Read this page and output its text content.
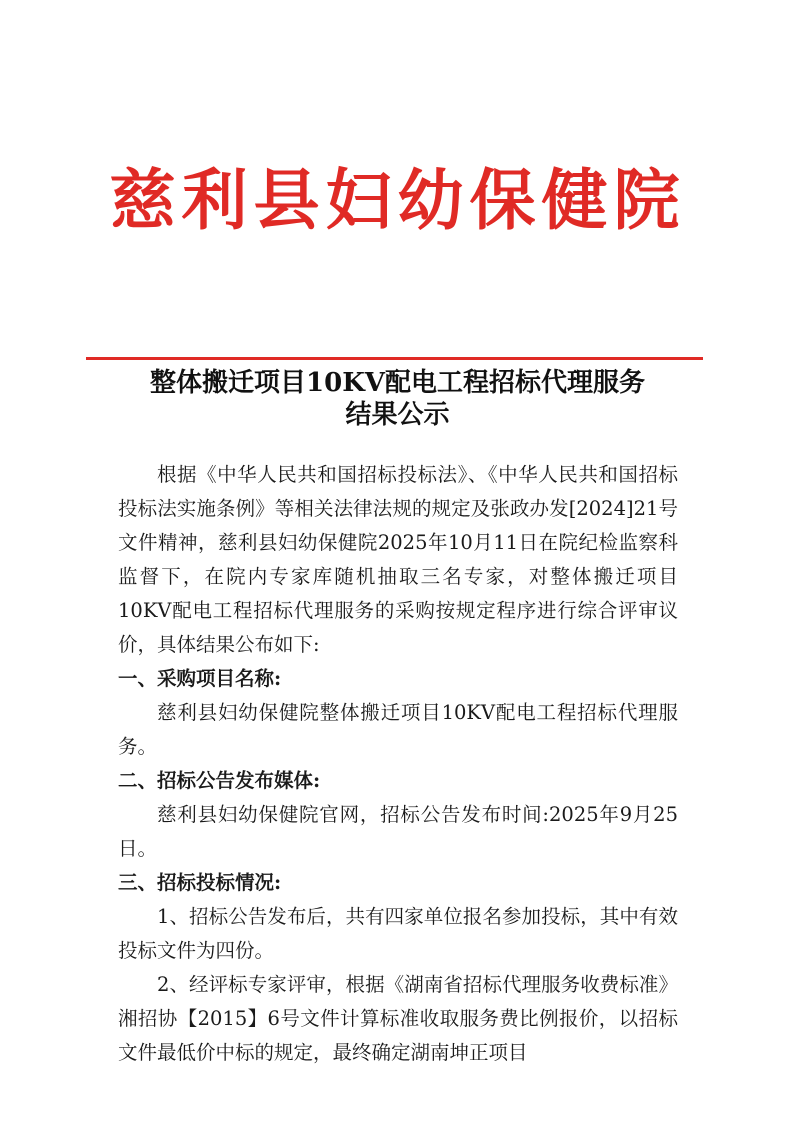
慈利县妇幼保健院
整体搬迁项目10KV配电工程招标代理服务
结果公示

根据《中华人民共和国招标投标法》、《中华人民共和国招标投标法实施条例》等相关法律法规的规定及张政办发[2024]21号文件精神，慈利县妇幼保健院2025年10月11日在院纪检监察科监督下，在院内专家库随机抽取三名专家，对整体搬迁项目10KV配电工程招标代理服务的采购按规定程序进行综合评审议价，具体结果公布如下:

一、采购项目名称:

慈利县妇幼保健院整体搬迁项目10KV配电工程招标代理服务。

二、招标公告发布媒体:

慈利县妇幼保健院官网，招标公告发布时间:2025年9月25日。

三、招标投标情况:

1、招标公告发布后，共有四家单位报名参加投标，其中有效投标文件为四份。

2、经评标专家评审，根据《湖南省招标代理服务收费标准》湘招协【2015】6号文件计算标准收取服务费比例报价，以招标文件最低价中标的规定，最终确定湖南坤正项目
